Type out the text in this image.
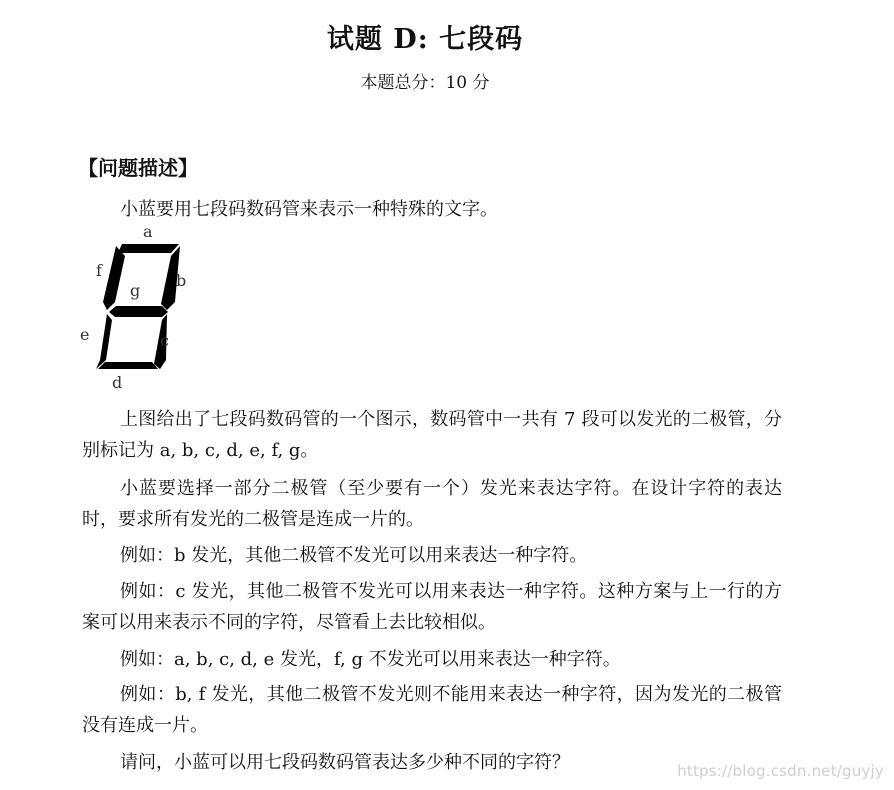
试题 D: 七段码
本题总分：10 分
【问题描述】

小蓝要用七段码数码管来表示一种特殊的文字。

a
b
f
g
e	c
d

上图给出了七段码数码管的一个图示，数码管中一共有 7 段可以发光的二极管，分别标记为 a, b, c, d, e, f, g。

小蓝要选择一部分二极管（至少要有一个）发光来表达字符。在设计字符的表达时，要求所有发光的二极管是连成一片的。

例如：b 发光，其他二极管不发光可以用来表达一种字符。

例如：c 发光，其他二极管不发光可以用来表达一种字符。这种方案与上一行的方案可以用来表示不同的字符，尽管看上去比较相似。

例如：a, b, c, d, e 发光，f, g 不发光可以用来表达一种字符。

例如：b, f 发光，其他二极管不发光则不能用来表达一种字符，因为发光的二极管没有连成一片。

请问，小蓝可以用七段码数码管表达多少种不同的字符？	https://blog.csdn.net/guyjy
